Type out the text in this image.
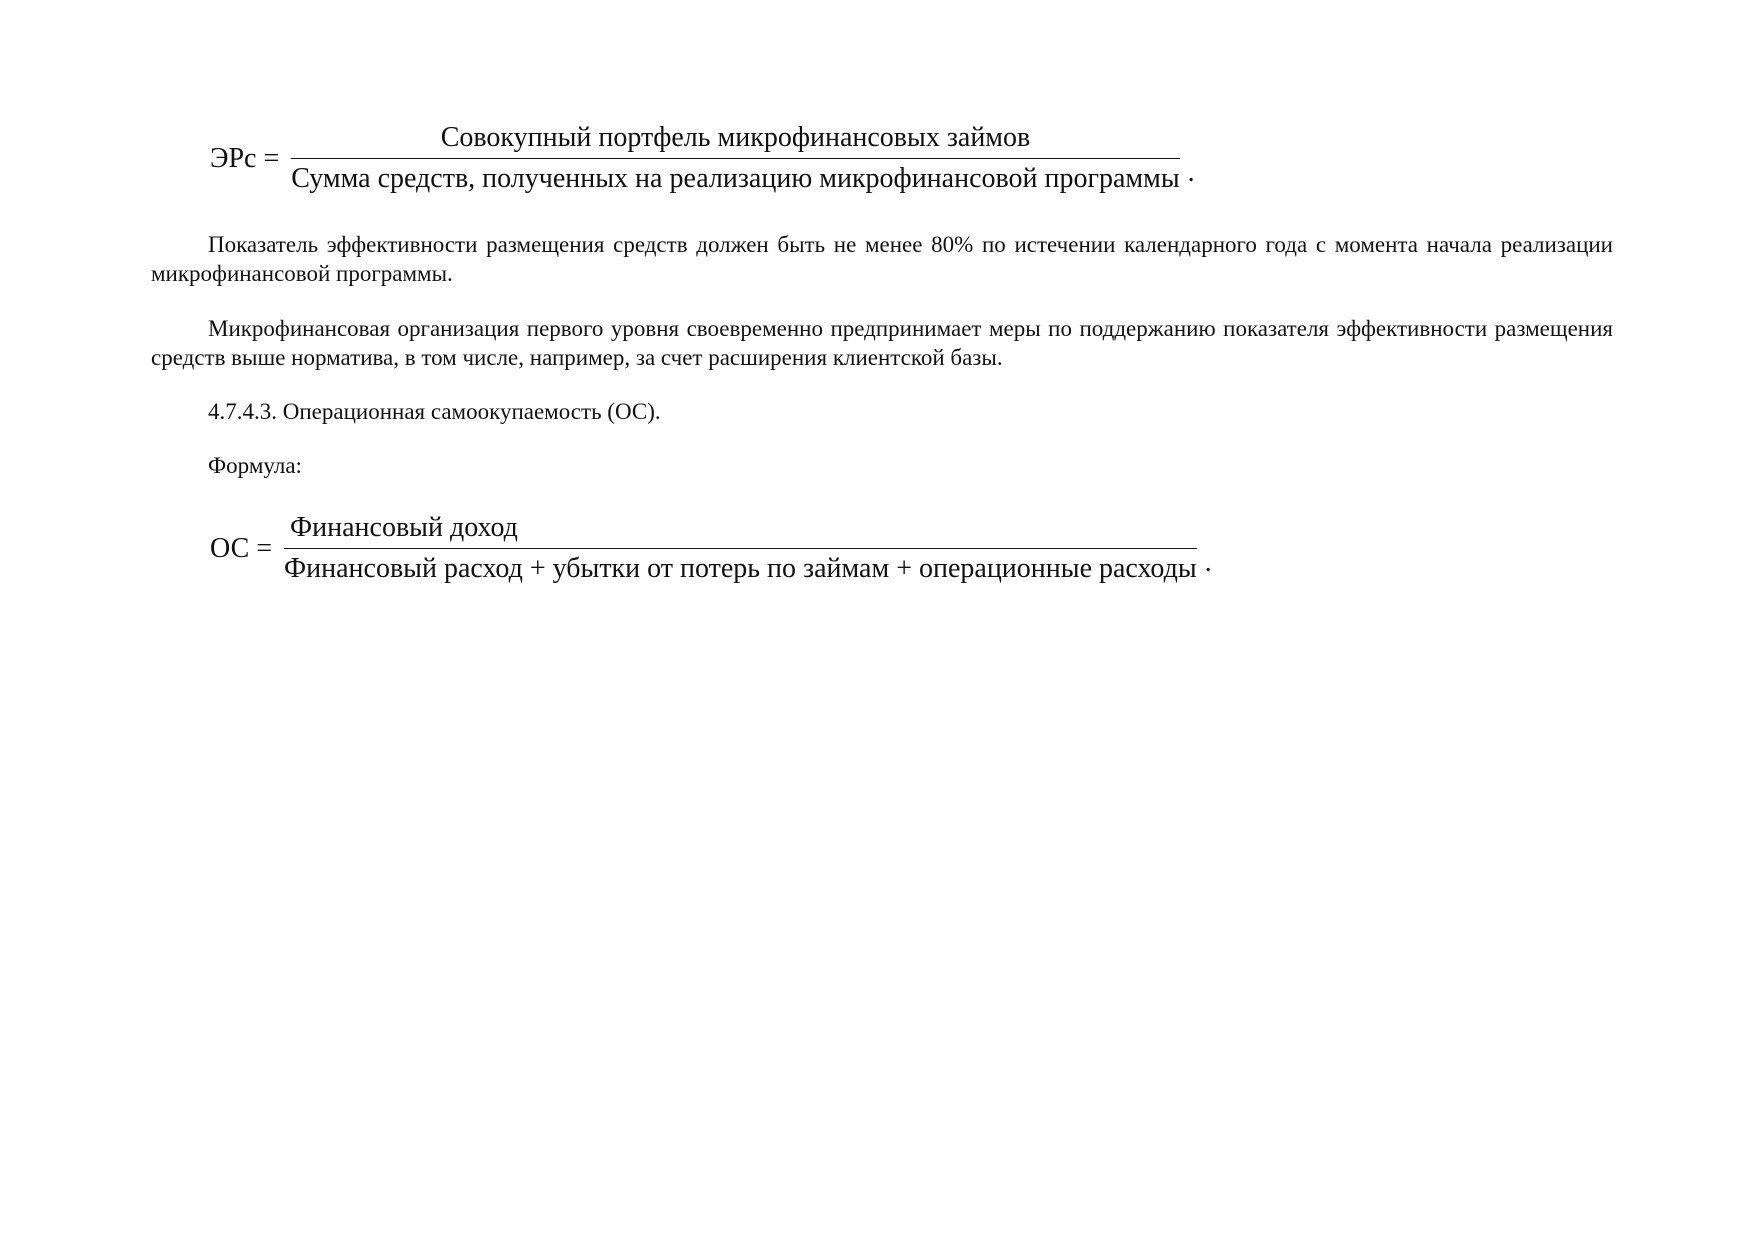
ЭРс =
Совокупный портфель микрофинансовых займов
Сумма средств, полученных на реализацию микрофинансовой программы .

Показатель эффективности размещения средств должен быть не менее 80% по истечении календарного года с момента начала реализации микрофинансовой программы.

Микрофинансовая организация первого уровня своевременно предпринимает меры по поддержанию показателя эффективности размещения средств выше норматива, в том числе, например, за счет расширения клиентской базы.

4.7.4.3. Операционная самоокупаемость (ОС).

Формула:

ОС =
Финансовый доход
Финансовый расход + убытки от потерь по займам + операционные расходы .
